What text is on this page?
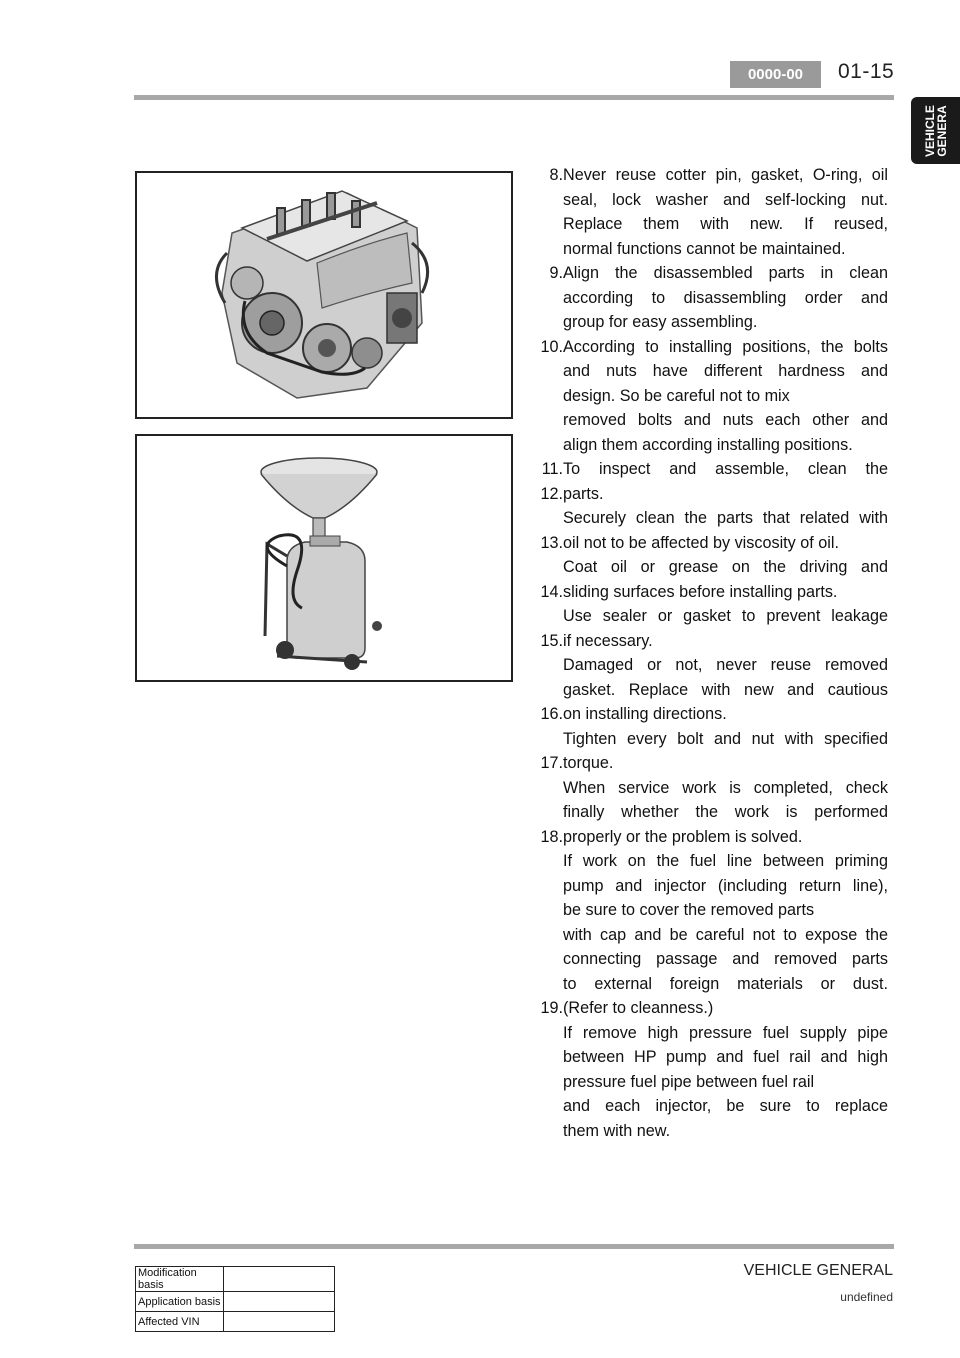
0000-00	01-15
VEHICLE
GENERA
8. Never reuse cotter pin, gasket, O-ring, oil
seal, lock washer and self-locking nut.
Replace them with new. If reused,
normal functions cannot be maintained.
9. Align the disassembled parts in clean
according to disassembling order and
group for easy assembling.
10. According to installing positions, the bolts
and nuts have different hardness and
design. So be careful not to mix
removed bolts and nuts each other and
align them according installing positions.
11. To inspect and assemble, clean the
12. parts.
Securely clean the parts that related with
13. oil not to be affected by viscosity of oil.
Coat oil or grease on the driving and
14. sliding surfaces before installing parts.
Use sealer or gasket to prevent leakage
15. if necessary.
Damaged or not, never reuse removed
gasket. Replace with new and cautious
16. on installing directions.
Tighten every bolt and nut with specified
17. torque.
When service work is completed, check
finally whether the work is performed
18. properly or the problem is solved.
If work on the fuel line between priming
pump and injector (including return line),
be sure to cover the removed parts
with cap and be careful not to expose the
connecting passage and removed parts
to external foreign materials or dust.
19. (Refer to cleanness.)
If remove high pressure fuel supply pipe
between HP pump and fuel rail and high
pressure fuel pipe between fuel rail
and each injector, be sure to replace
them with new.
VEHICLE GENERAL
undefined
Modification basis	
Application basis	
Affected VIN	
